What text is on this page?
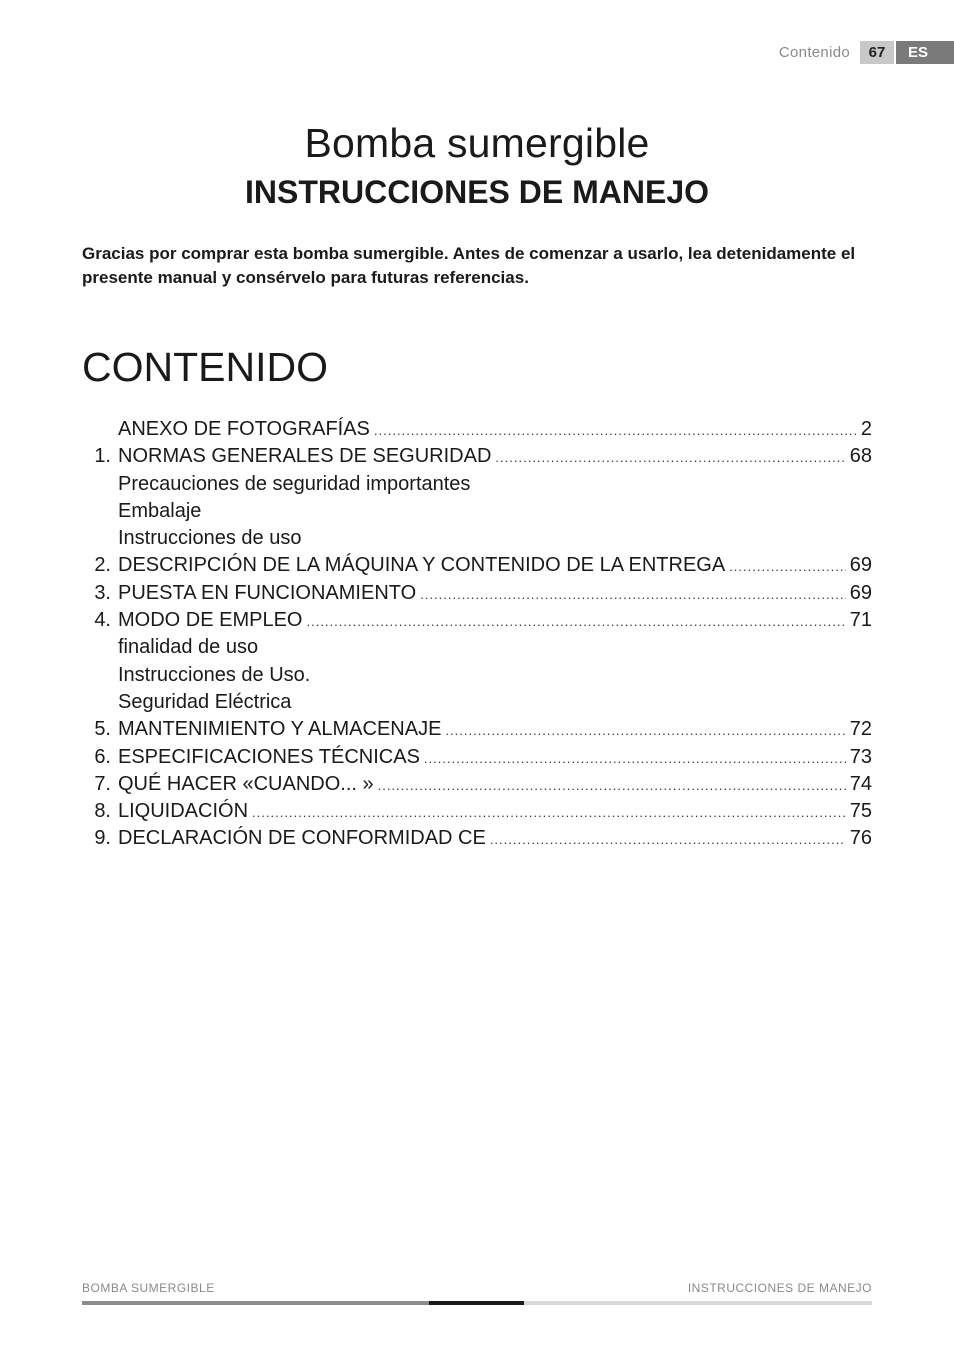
Contenido	67	ES
Bomba sumergible
INSTRUCCIONES DE MANEJO
Gracias por comprar esta bomba sumergible. Antes de comenzar a usarlo, lea detenidamente el presente manual y consérvelo para futuras referencias.
CONTENIDO
ANEXO DE FOTOGRAFÍAS .....	2
1. NORMAS GENERALES DE SEGURIDAD .....	68
Precauciones de seguridad importantes
Embalaje
Instrucciones de uso
2. DESCRIPCIÓN DE LA MÁQUINA Y CONTENIDO DE LA ENTREGA .....	69
3. PUESTA EN FUNCIONAMIENTO .....	69
4. MODO DE EMPLEO .....	71
finalidad de uso
Instrucciones de Uso.
Seguridad Eléctrica
5. MANTENIMIENTO Y ALMACENAJE .....	72
6. ESPECIFICACIONES TÉCNICAS .....	73
7. QUÉ HACER «CUANDO... » .....	74
8. LIQUIDACIÓN .....	75
9. DECLARACIÓN DE CONFORMIDAD CE .....	76
BOMBA SUMERGIBLE	INSTRUCCIONES DE MANEJO
